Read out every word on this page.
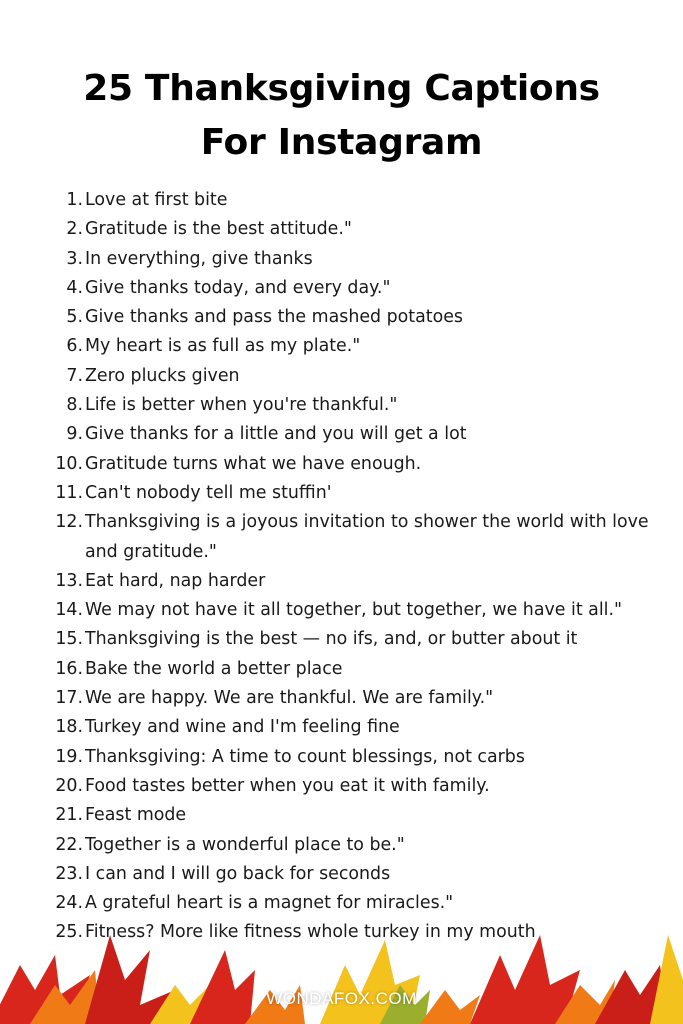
25 Thanksgiving Captions
For Instagram
1. Love at first bite
2. Gratitude is the best attitude."
3. In everything, give thanks
4. Give thanks today, and every day."
5. Give thanks and pass the mashed potatoes
6. My heart is as full as my plate."
7. Zero plucks given
8. Life is better when you're thankful."
9. Give thanks for a little and you will get a lot
10. Gratitude turns what we have enough.
11. Can't nobody tell me stuffin'
12. Thanksgiving is a joyous invitation to shower the world with love and gratitude."
13. Eat hard, nap harder
14. We may not have it all together, but together, we have it all."
15. Thanksgiving is the best — no ifs, and, or butter about it
16. Bake the world a better place
17. We are happy. We are thankful. We are family."
18. Turkey and wine and I'm feeling fine
19. Thanksgiving: A time to count blessings, not carbs
20. Food tastes better when you eat it with family.
21. Feast mode
22. Together is a wonderful place to be."
23. I can and I will go back for seconds
24. A grateful heart is a magnet for miracles."
25. Fitness? More like fitness whole turkey in my mouth
WONDAFOX.COM
